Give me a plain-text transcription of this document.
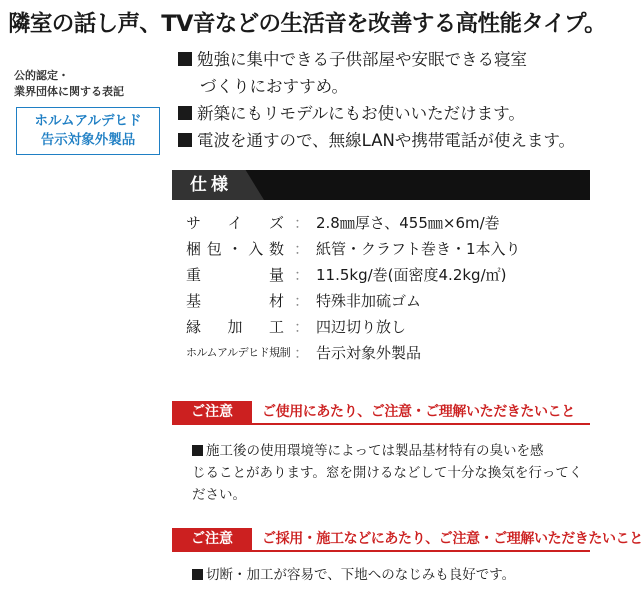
隣室の話し声、TV音などの生活音を改善する高性能タイプ。
公的認定・
業界団体に関する表記
ホルムアルデヒド
告示対象外製品
勉強に集中できる子供部屋や安眠できる寝室
づくりにおすすめ。
新築にもリモデルにもお使いいただけます。
電波を通すので、無線LANや携帯電話が使えます。
仕様
サ イ ズ ： 2.8㎜厚さ、455㎜×6m/巻
梱 包 ・ 入 数 ： 紙管・クラフト巻き・1本入り
重	量 ： 11.5kg/巻(面密度4.2kg/㎡)
基	材 ： 特殊非加硫ゴム
縁 加 工 ： 四辺切り放し
ホルムアルデヒド規制 ： 告示対象外製品
ご注意	ご使用にあたり、ご注意・ご理解いただきたいこと
施工後の使用環境等によっては製品基材特有の臭いを感
じることがあります。窓を開けるなどして十分な換気を行ってく
ださい。
ご注意	ご採用・施工などにあたり、ご注意・ご理解いただきたいこと
切断・加工が容易で、下地へのなじみも良好です。
